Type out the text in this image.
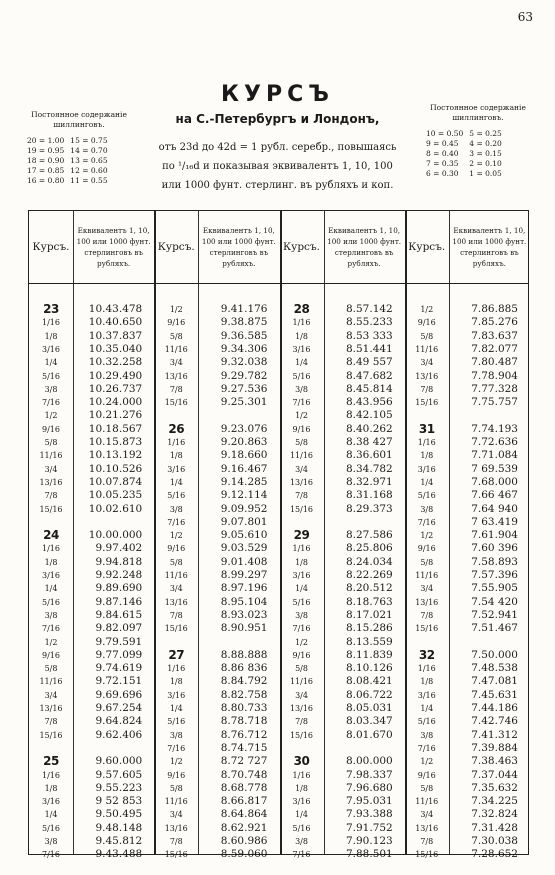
63
Постоянное содержаніе шиллинговъ.
20 = 1.00	15 = 0.75
19 = 0.95	14 = 0.70
18 = 0.90	13 = 0.65
17 = 0.85	12 = 0.60
16 = 0.80	11 = 0.55
КУРСЪ
на С.-Петербургъ и Лондонъ,
отъ 23d до 42d = 1 рубл. серебр., повышаясь
по ¹/₁₆d и показывая эквивалентъ 1, 10, 100
или 1000 фунт. стерлинг. въ рубляхъ и коп.
Постоянное содержаніе шиллинговъ.
10 = 0.50	5 = 0.25
9 = 0.45	4 = 0.20
8 = 0.40	3 = 0.15
7 = 0.35	2 = 0.10
6 = 0.30	1 = 0.05
Курсъ.
Еквивалентъ 1, 10, 100 или 1000 фунт. стерлинговъ въ рубляхъ.
23	10.43.478
1/16	10.40.650
1/8	10.37.837
3/16	10.35.040
1/4	10.32.258
5/16	10.29.490
3/8	10.26.737
7/16	10.24.000
1/2	10.21.276
9/16	10.18.567
5/8	10.15.873
11/16	10.13.192
3/4	10.10.526
13/16	10.07.874
7/8	10.05.235
15/16	10.02.610
24	10.00.000
1/16	9.97.402
1/8	9.94.818
3/16	9.92.248
1/4	9.89.690
5/16	9.87.146
3/8	9.84.615
7/16	9.82.097
1/2	9.79.591
9/16	9.77.099
5/8	9.74.619
11/16	9.72.151
3/4	9.69.696
13/16	9.67.254
7/8	9.64.824
15/16	9.62.406
25	9.60.000
1/16	9.57.605
1/8	9.55.223
3/16	9 52 853
1/4	9.50.495
5/16	9.48.148
3/8	9.45.812
7/16	9.43.488
Курсъ.
Еквивалентъ 1, 10, 100 или 1000 фунт. стерлинговъ въ рубляхъ.
1/2	9.41.176
9/16	9.38.875
5/8	9.36.585
11/16	9.34.306
3/4	9.32.038
13/16	9.29.782
7/8	9.27.536
15/16	9.25.301
26	9.23.076
1/16	9.20.863
1/8	9.18.660
3/16	9.16.467
1/4	9.14.285
5/16	9.12.114
3/8	9.09.952
7/16	9.07.801
1/2	9.05.610
9/16	9.03.529
5/8	9.01.408
11/16	8.99.297
3/4	8.97.196
13/16	8.95.104
7/8	8.93.023
15/16	8.90.951
27	8.88.888
1/16	8.86 836
1/8	8.84.792
3/16	8.82.758
1/4	8.80.733
5/16	8.78.718
3/8	8.76.712
7/16	8.74.715
1/2	8.72 727
9/16	8.70.748
5/8	8.68.778
11/16	8.66.817
3/4	8.64.864
13/16	8.62.921
7/8	8.60.986
15/16	8.59.060
Курсъ.
Еквивалентъ 1, 10, 100 или 1000 фунт. стерлинговъ въ рубляхъ.
28	8.57.142
1/16	8.55.233
1/8	8.53 333
3/16	8.51.441
1/4	8.49 557
5/16	8.47.682
3/8	8.45.814
7/16	8.43.956
1/2	8.42.105
9/16	8.40.262
5/8	8.38 427
11/16	8.36.601
3/4	8.34.782
13/16	8.32.971
7/8	8.31.168
15/16	8.29.373
29	8.27.586
1/16	8.25.806
1/8	8.24.034
3/16	8.22.269
1/4	8.20.512
5/16	8.18.763
3/8	8.17.021
7/16	8.15.286
1/2	8.13.559
9/16	8.11.839
5/8	8.10.126
11/16	8.08.421
3/4	8.06.722
13/16	8.05.031
7/8	8.03.347
15/16	8.01.670
30	8.00.000
1/16	7.98.337
1/8	7.96.680
3/16	7.95.031
1/4	7.93.388
5/16	7.91.752
3/8	7.90.123
7/16	7.88.501
Курсъ.
Еквивалентъ 1, 10, 100 или 1000 фунт. стерлинговъ въ рубляхъ.
1/2	7.86.885
9/16	7.85.276
5/8	7.83.637
11/16	7.82.077
3/4	7.80.487
13/16	7.78.904
7/8	7.77.328
15/16	7.75.757
31	7.74.193
1/16	7.72.636
1/8	7.71.084
3/16	7 69.539
1/4	7.68.000
5/16	7.66 467
3/8	7.64 940
7/16	7 63.419
1/2	7.61.904
9/16	7.60 396
5/8	7.58.893
11/16	7.57.396
3/4	7.55.905
13/16	7.54 420
7/8	7.52.941
15/16	7.51.467
32	7.50.000
1/16	7.48.538
1/8	7.47.081
3/16	7.45.631
1/4	7.44.186
5/16	7.42.746
3/8	7.41.312
7/16	7.39.884
1/2	7.38.463
9/16	7.37.044
5/8	7.35.632
11/16	7.34.225
3/4	7.32.824
13/16	7.31.428
7/8	7.30.038
15/16	7.28.652
